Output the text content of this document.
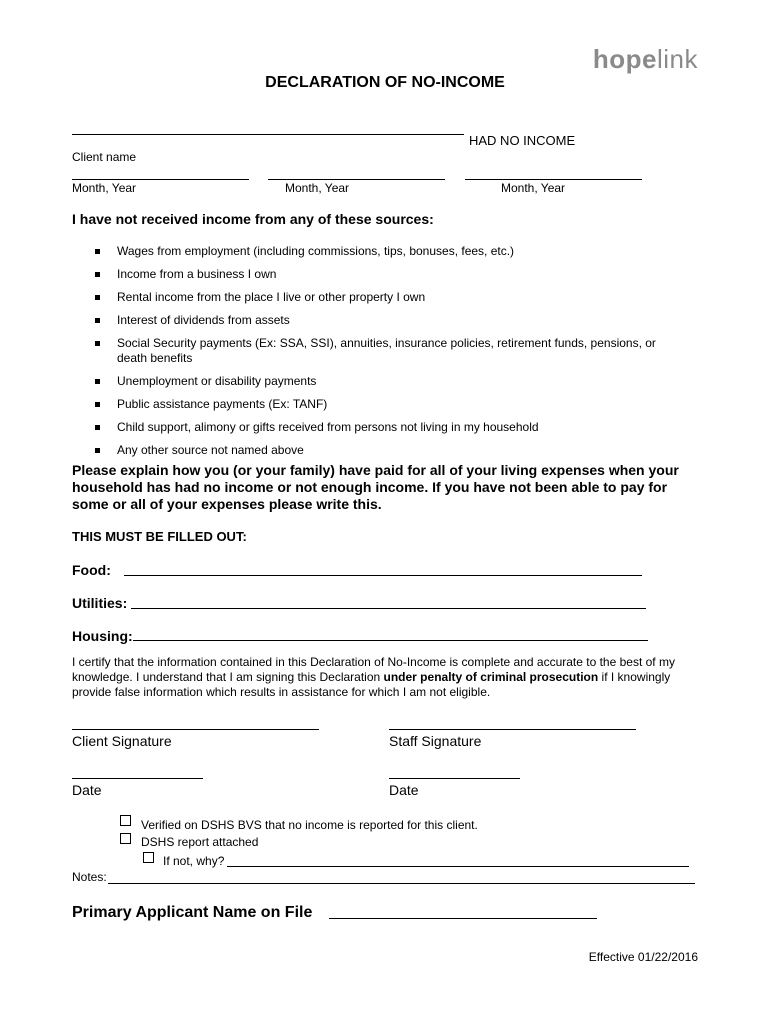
hopelink
DECLARATION OF NO-INCOME
HAD NO INCOME
Client name
Month, Year	Month, Year	Month, Year
I have not received income from any of these sources:
Wages from employment (including commissions, tips, bonuses, fees, etc.)
Income from a business I own
Rental income from the place I live or other property I own
Interest of dividends from assets
Social Security payments (Ex: SSA, SSI), annuities, insurance policies, retirement funds, pensions, or death benefits
Unemployment or disability payments
Public assistance payments (Ex: TANF)
Child support, alimony or gifts received from persons not living in my household
Any other source not named above
Please explain how you (or your family) have paid for all of your living expenses when your household has had no income or not enough income. If you have not been able to pay for some or all of your expenses please write this.
THIS MUST BE FILLED OUT:
Food:
Utilities:
Housing:
I certify that the information contained in this Declaration of No-Income is complete and accurate to the best of my knowledge. I understand that I am signing this Declaration under penalty of criminal prosecution if I knowingly provide false information which results in assistance for which I am not eligible.
Client Signature	Staff Signature
Date	Date
Verified on DSHS BVS that no income is reported for this client.
DSHS report attached
If not, why?
Notes:
Primary Applicant Name on File
Effective 01/22/2016
